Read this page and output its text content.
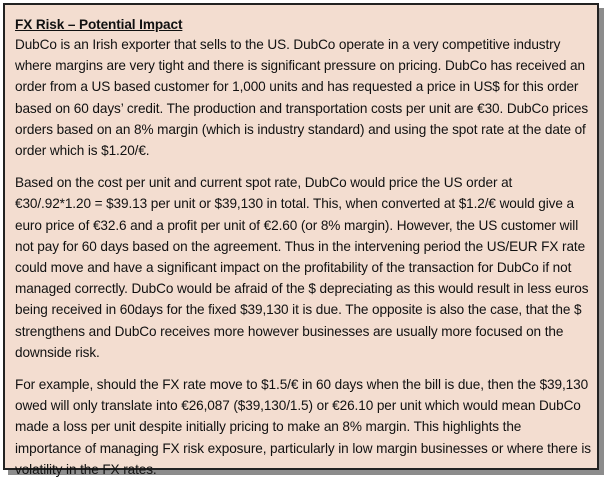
FX Risk – Potential Impact

DubCo is an Irish exporter that sells to the US. DubCo operate in a very competitive industry where margins are very tight and there is significant pressure on pricing. DubCo has received an order from a US based customer for 1,000 units and has requested a price in US$ for this order based on 60 days’ credit. The production and transportation costs per unit are €30. DubCo prices orders based on an 8% margin (which is industry standard) and using the spot rate at the date of order which is $1.20/€.

Based on the cost per unit and current spot rate, DubCo would price the US order at €30/.92*1.20 = $39.13 per unit or $39,130 in total. This, when converted at $1.2/€ would give a euro price of €32.6 and a profit per unit of €2.60 (or 8% margin). However, the US customer will not pay for 60 days based on the agreement. Thus in the intervening period the US/EUR FX rate could move and have a significant impact on the profitability of the transaction for DubCo if not managed correctly. DubCo would be afraid of the $ depreciating as this would result in less euros being received in 60days for the fixed $39,130 it is due. The opposite is also the case, that the $ strengthens and DubCo receives more however businesses are usually more focused on the downside risk.

For example, should the FX rate move to $1.5/€ in 60 days when the bill is due, then the $39,130 owed will only translate into €26,087 ($39,130/1.5) or €26.10 per unit which would mean DubCo made a loss per unit despite initially pricing to make an 8% margin. This highlights the importance of managing FX risk exposure, particularly in low margin businesses or where there is volatility in the FX rates.
